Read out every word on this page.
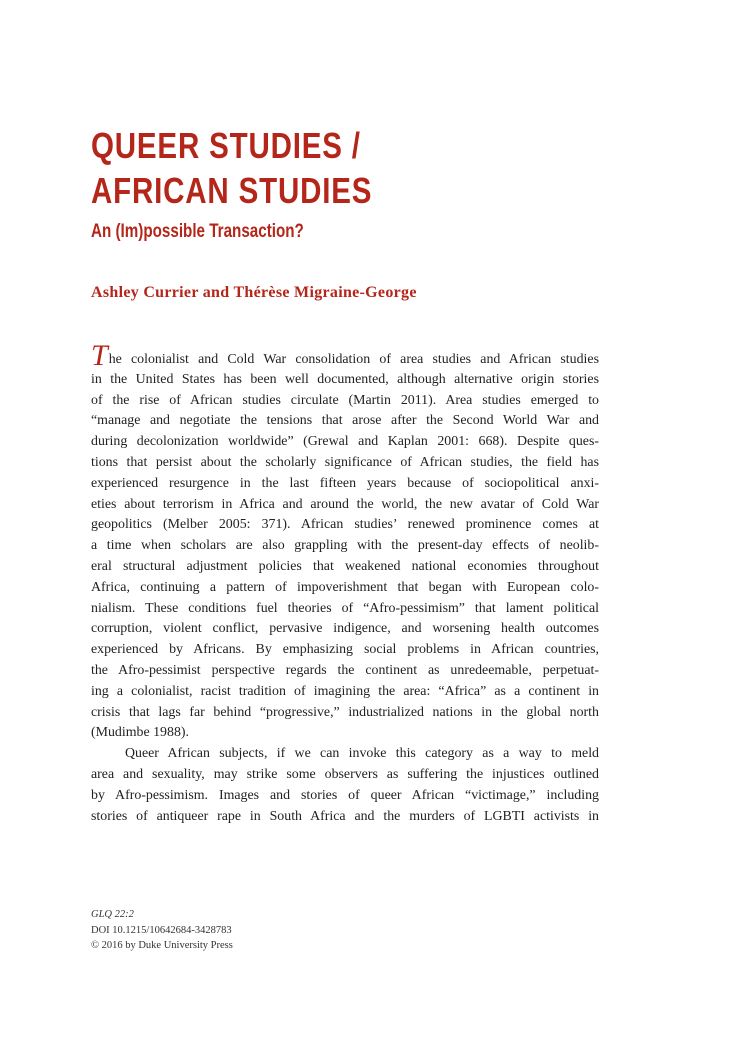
QUEER STUDIES /
AFRICAN STUDIES
An (Im)possible Transaction?
Ashley Currier and Thérèse Migraine-George
The colonialist and Cold War consolidation of area studies and African studies
in the United States has been well documented, although alternative origin stories
of the rise of African studies circulate (Martin 2011). Area studies emerged to
“manage and negotiate the tensions that arose after the Second World War and
during decolonization worldwide” (Grewal and Kaplan 2001: 668). Despite ques-
tions that persist about the scholarly significance of African studies, the field has
experienced resurgence in the last fifteen years because of sociopolitical anxi-
eties about terrorism in Africa and around the world, the new avatar of Cold War
geopolitics (Melber 2005: 371). African studies’ renewed prominence comes at
a time when scholars are also grappling with the present-day effects of neolib-
eral structural adjustment policies that weakened national economies throughout
Africa, continuing a pattern of impoverishment that began with European colo-
nialism. These conditions fuel theories of “Afro-pessimism” that lament political
corruption, violent conflict, pervasive indigence, and worsening health outcomes
experienced by Africans. By emphasizing social problems in African countries,
the Afro-pessimist perspective regards the continent as unredeemable, perpetuat-
ing a colonialist, racist tradition of imagining the area: “Africa” as a continent in
crisis that lags far behind “progressive,” industrialized nations in the global north
(Mudimbe 1988).
Queer African subjects, if we can invoke this category as a way to meld
area and sexuality, may strike some observers as suffering the injustices outlined
by Afro-pessimism. Images and stories of queer African “victimage,” including
stories of antiqueer rape in South Africa and the murders of LGBTI activists in
GLQ 22:2
DOI 10.1215/10642684-3428783
© 2016 by Duke University Press
